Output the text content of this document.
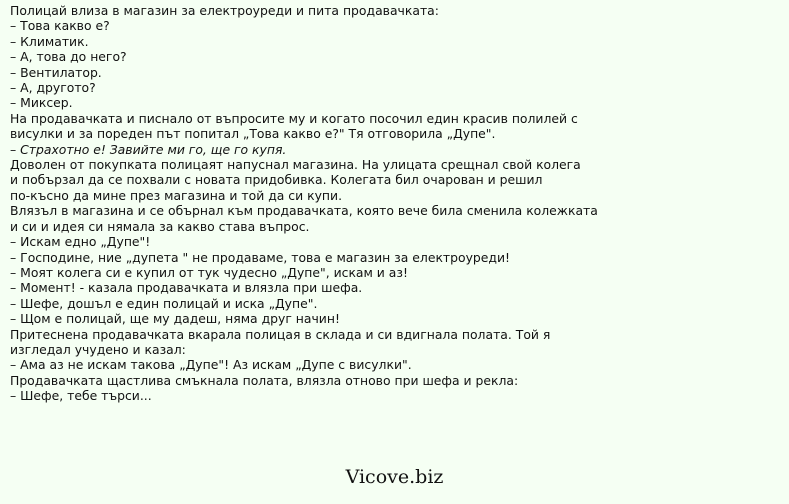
Полицай влиза в магазин за електроуреди и пита продавачката:
– Това какво е?
– Климатик.
– А, това до него?
– Вентилатор.
– А, другото?
– Миксер.
На продавачката и писнало от въпросите му и когато посочил един красив полилей с
висулки и за пореден път попитал „Това какво е?" Тя отговорила „Дупе".
– Страхотно е! Завийте ми го, ще го купя.
Доволен от покупката полицаят напуснал магазина. На улицата срещнал свой колега
и побързал да се похвали с новата придобивка. Колегата бил очарован и решил
по-късно да мине през магазина и той да си купи.
Влязъл в магазина и се обърнал към продавачката, която вече била сменила колежката
и си и идея си нямала за какво става въпрос.
– Искам едно „Дупе"!
– Господине, ние „дупета " не продаваме, това е магазин за електроуреди!
– Моят колега си е купил от тук чудесно „Дупе", искам и аз!
– Момент! - казала продавачката и влязла при шефа.
– Шефе, дошъл е един полицай и иска „Дупе".
– Щом е полицай, ще му дадеш, няма друг начин!
Притеснена продавачката вкарала полицая в склада и си вдигнала полата. Той я
изгледал учудено и казал:
– Ама аз не искам такова „Дупе"! Аз искам „Дупе с висулки".
Продавачката щастлива смъкнала полата, влязла отново при шефа и рекла:
– Шефе, тебе търси...
Vicove.biz
